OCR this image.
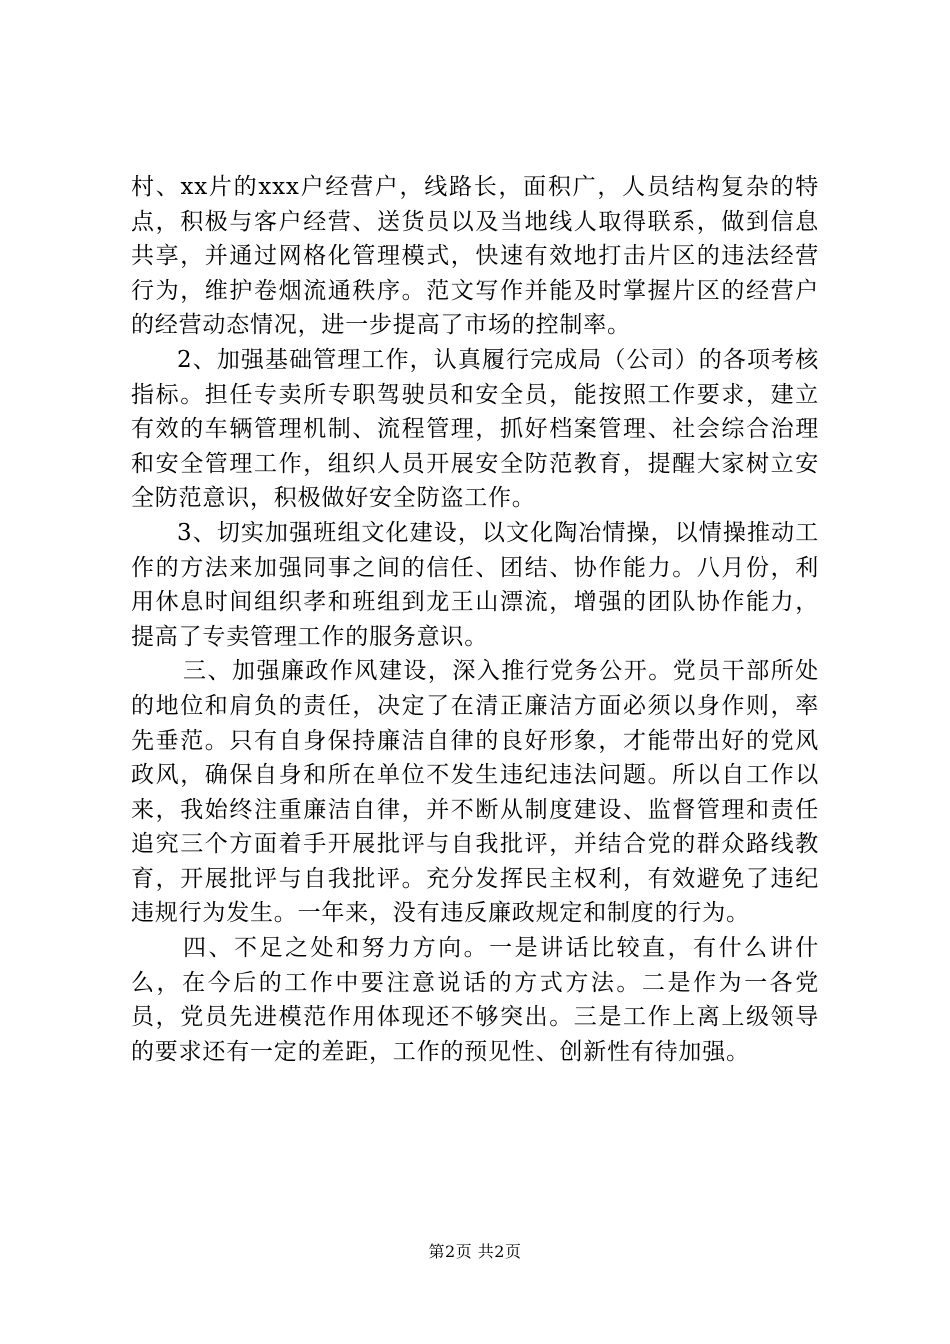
村、xx片的xxx户经营户，线路长，面积广，人员结构复杂的特点，积极与客户经营、送货员以及当地线人取得联系，做到信息共享，并通过网格化管理模式，快速有效地打击片区的违法经营行为，维护卷烟流通秩序。范文写作并能及时掌握片区的经营户的经营动态情况，进一步提高了市场的控制率。

2、加强基础管理工作，认真履行完成局（公司）的各项考核指标。担任专卖所专职驾驶员和安全员，能按照工作要求，建立有效的车辆管理机制、流程管理，抓好档案管理、社会综合治理和安全管理工作，组织人员开展安全防范教育，提醒大家树立安全防范意识，积极做好安全防盗工作。

3、切实加强班组文化建设，以文化陶冶情操，以情操推动工作的方法来加强同事之间的信任、团结、协作能力。八月份，利用休息时间组织孝和班组到龙王山漂流，增强的团队协作能力，提高了专卖管理工作的服务意识。

三、加强廉政作风建设，深入推行党务公开。党员干部所处的地位和肩负的责任，决定了在清正廉洁方面必须以身作则，率先垂范。只有自身保持廉洁自律的良好形象，才能带出好的党风政风，确保自身和所在单位不发生违纪违法问题。所以自工作以来，我始终注重廉洁自律，并不断从制度建设、监督管理和责任追究三个方面着手开展批评与自我批评，并结合党的群众路线教育，开展批评与自我批评。充分发挥民主权利，有效避免了违纪违规行为发生。一年来，没有违反廉政规定和制度的行为。

四、不足之处和努力方向。一是讲话比较直，有什么讲什么，在今后的工作中要注意说话的方式方法。二是作为一各党员，党员先进模范作用体现还不够突出。三是工作上离上级领导的要求还有一定的差距，工作的预见性、创新性有待加强。

第2页 共2页
